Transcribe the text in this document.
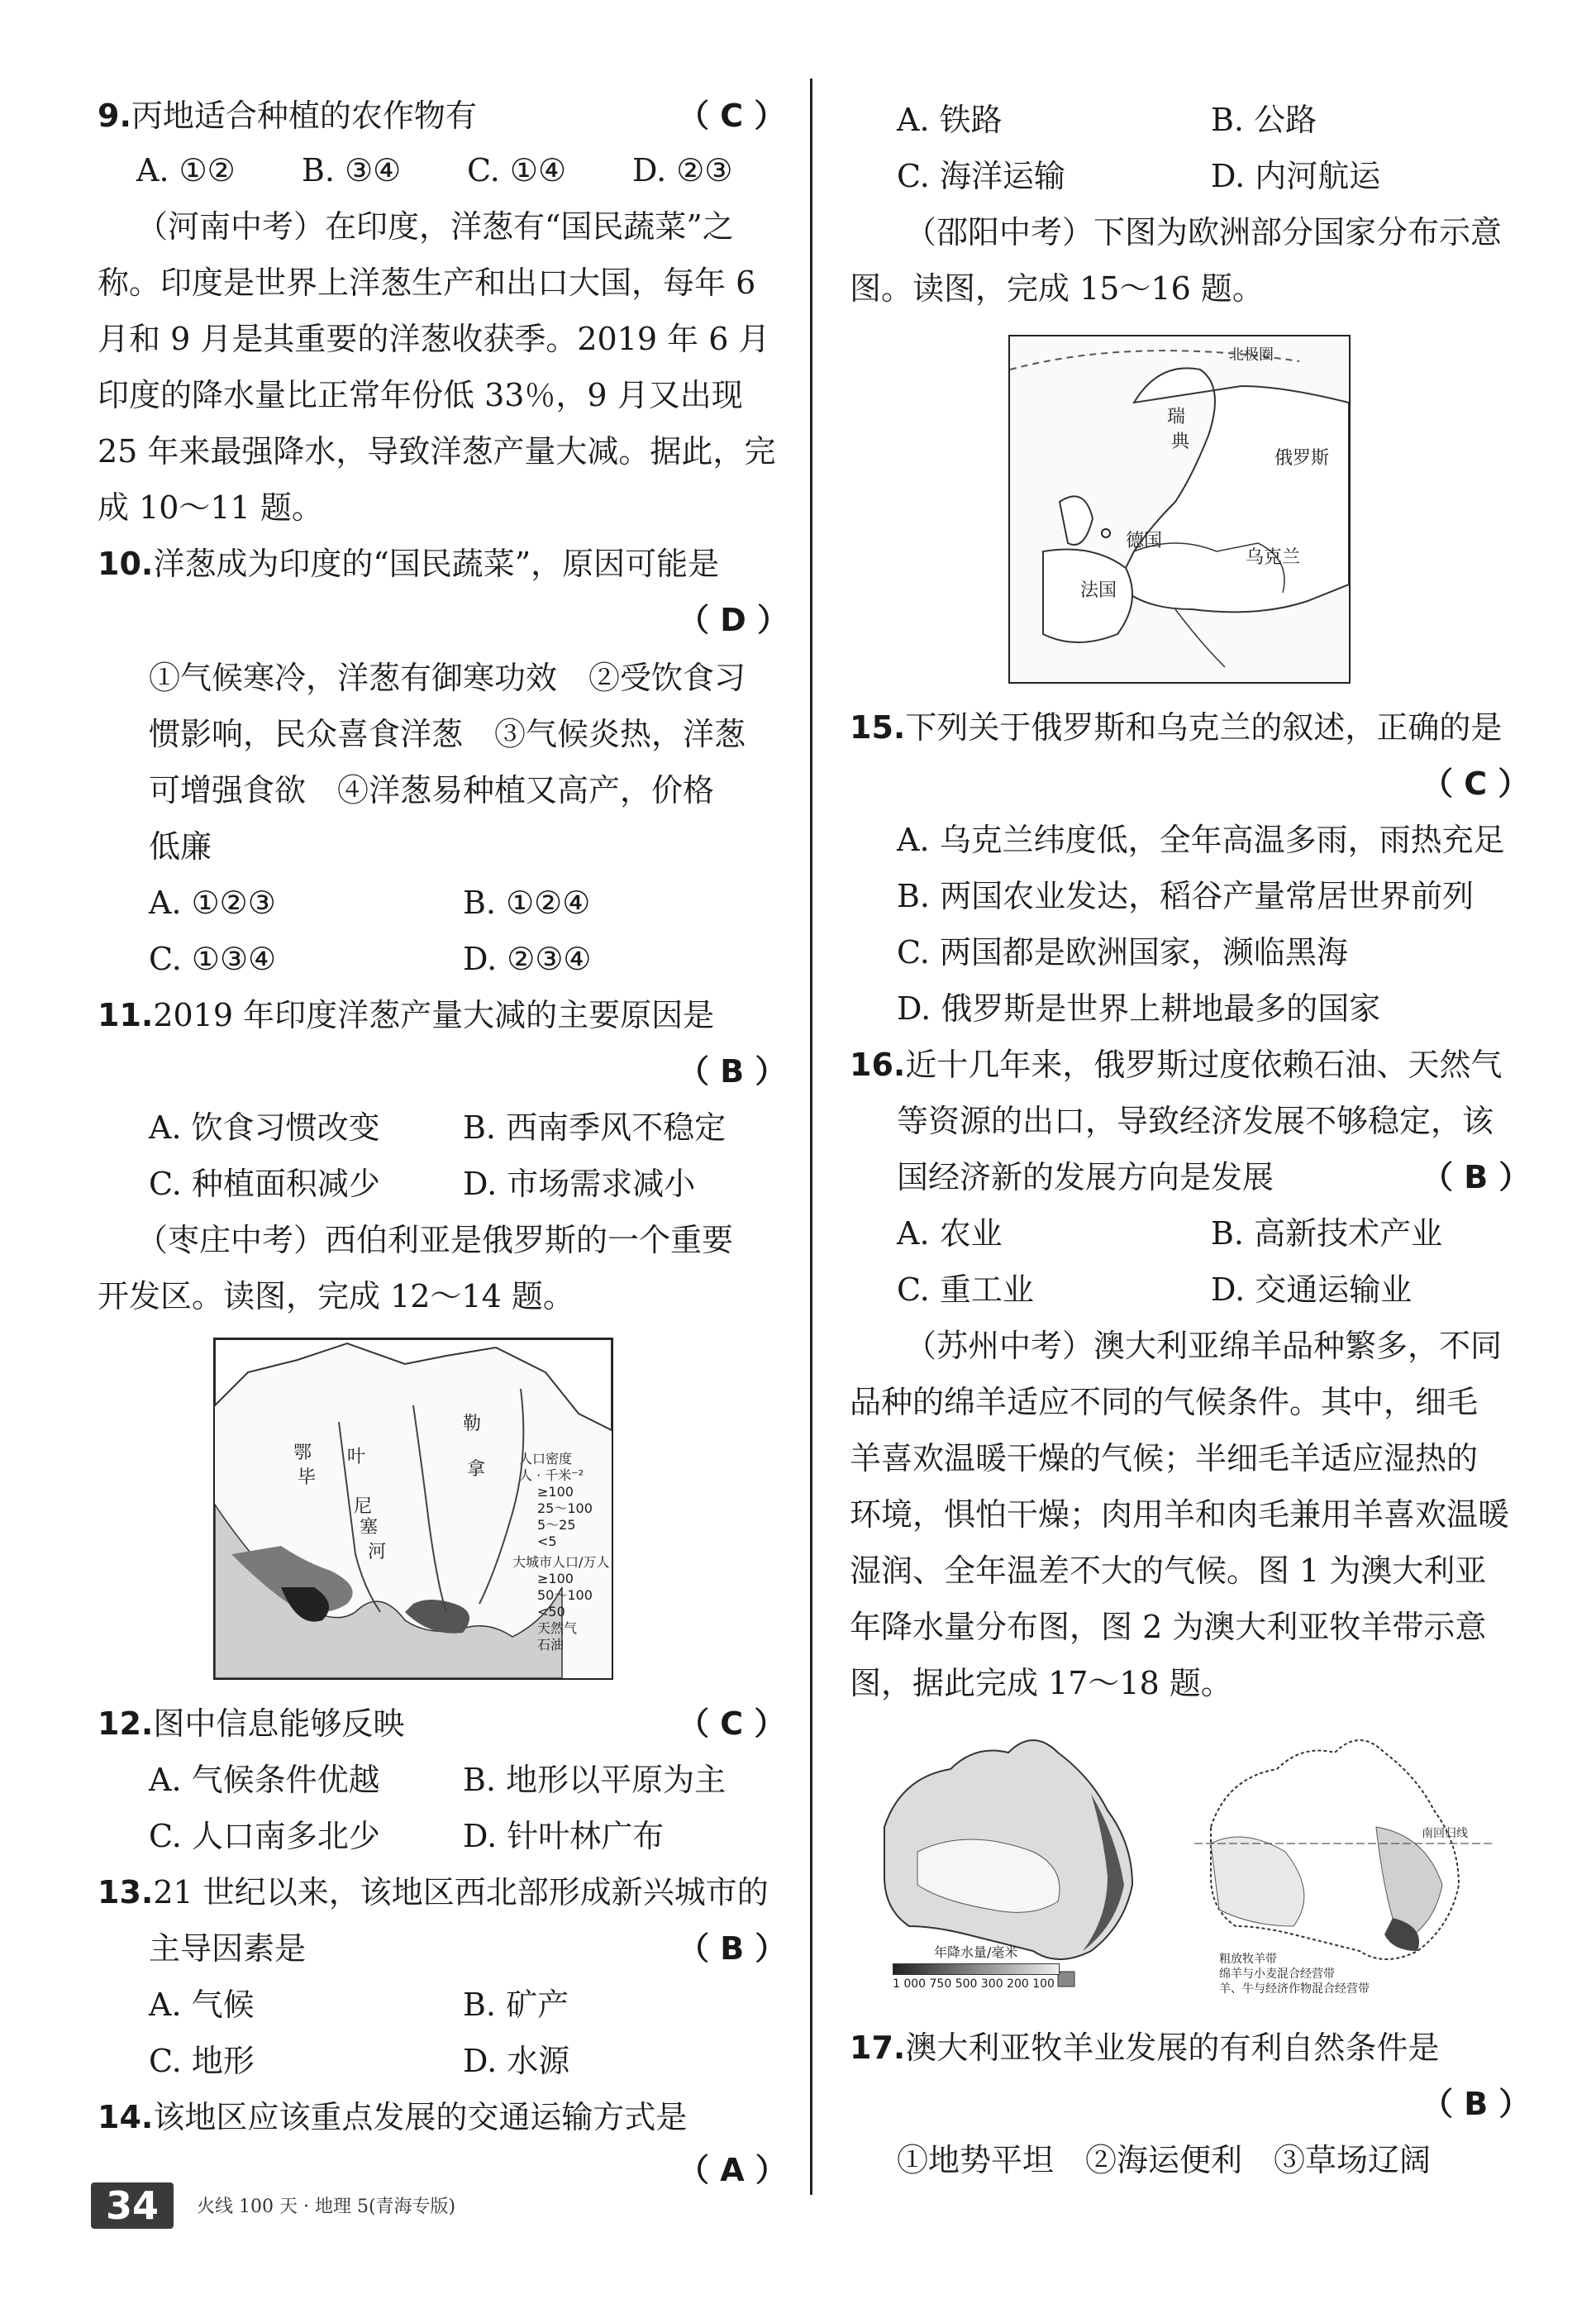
9.丙地适合种植的农作物有	（ C ）
A. ①② B. ③④ C. ①④ D. ②③
（河南中考）在印度，洋葱有“国民蔬菜”之
称。印度是世界上洋葱生产和出口大国，每年 6
月和 9 月是其重要的洋葱收获季。2019 年 6 月
印度的降水量比正常年份低 33％，9 月又出现
25 年来最强降水，导致洋葱产量大减。据此，完
成 10～11 题。
10.洋葱成为印度的“国民蔬菜”，原因可能是
（ D ）
①气候寒冷，洋葱有御寒功效　②受饮食习
惯影响，民众喜食洋葱　③气候炎热，洋葱
可增强食欲　④洋葱易种植又高产，价格
低廉
A. ①②③	B. ①②④
C. ①③④	D. ②③④
11.2019 年印度洋葱产量大减的主要原因是
（ B ）
A. 饮食习惯改变	B. 西南季风不稳定
C. 种植面积减少	D. 市场需求减小
（枣庄中考）西伯利亚是俄罗斯的一个重要
开发区。读图，完成 12～14 题。
鄂
毕
叶
尼
塞
河
勒
拿
人口密度
人 · 千米⁻²
≥100
25～100
5～25
<5
大城市人口/万人
≥100
50～100
<50
天然气
石油
12.图中信息能够反映	（ C ）
A. 气候条件优越	B. 地形以平原为主
C. 人口南多北少	D. 针叶林广布
13.21 世纪以来，该地区西北部形成新兴城市的
主导因素是	（ B ）
A. 气候	B. 矿产
C. 地形	D. 水源
14.该地区应该重点发展的交通运输方式是
（ A ）
A. 铁路	B. 公路
C. 海洋运输	D. 内河航运
（邵阳中考）下图为欧洲部分国家分布示意
图。读图，完成 15～16 题。
北极圈
瑞
典
俄罗斯
德国
法国
乌克兰
15.下列关于俄罗斯和乌克兰的叙述，正确的是
（ C ）
A. 乌克兰纬度低，全年高温多雨，雨热充足
B. 两国农业发达，稻谷产量常居世界前列
C. 两国都是欧洲国家，濒临黑海
D. 俄罗斯是世界上耕地最多的国家
16.近十几年来，俄罗斯过度依赖石油、天然气
等资源的出口，导致经济发展不够稳定，该
国经济新的发展方向是发展	（ B ）
A. 农业	B. 高新技术产业
C. 重工业	D. 交通运输业
（苏州中考）澳大利亚绵羊品种繁多，不同
品种的绵羊适应不同的气候条件。其中，细毛
羊喜欢温暖干燥的气候；半细毛羊适应湿热的
环境，惧怕干燥；肉用羊和肉毛兼用羊喜欢温暖
湿润、全年温差不大的气候。图 1 为澳大利亚
年降水量分布图，图 2 为澳大利亚牧羊带示意
图，据此完成 17～18 题。
年降水量/毫米
1 000 750 500 300 200 100
南回归线
粗放牧羊带
绵羊与小麦混合经营带
羊、牛与经济作物混合经营带
17.澳大利亚牧羊业发展的有利自然条件是
（ B ）
①地势平坦　②海运便利　③草场辽阔
34	火线 100 天 · 地理 5(青海专版)
